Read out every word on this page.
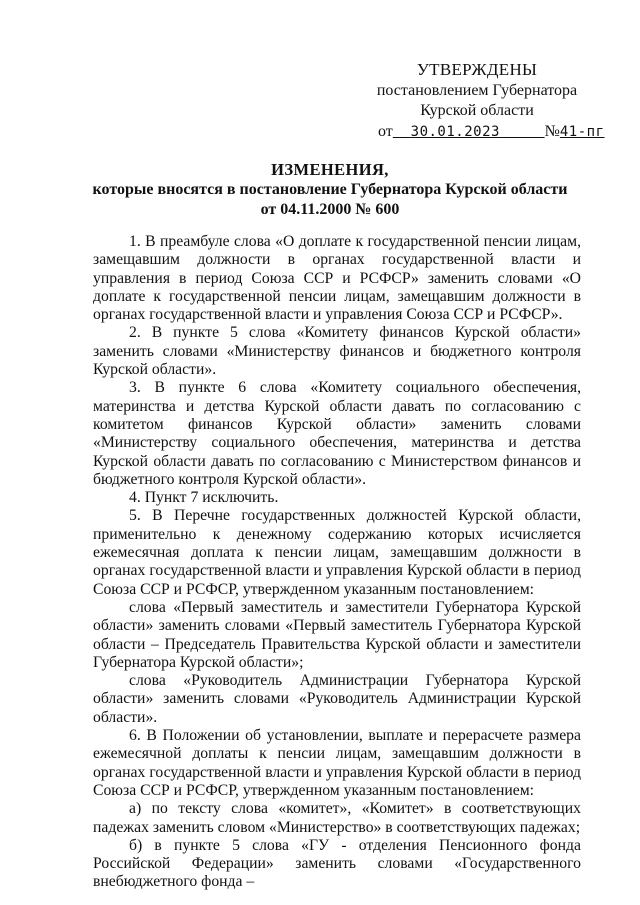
УТВЕРЖДЕНЫ
постановлением Губернатора
Курской области
от 30.01.2023	№41-пг
ИЗМЕНЕНИЯ,
которые вносятся в постановление Губернатора Курской области
от 04.11.2000 № 600

1. В преамбуле слова «О доплате к государственной пенсии лицам, замещавшим должности в органах государственной власти и управления в период Союза ССР и РСФСР» заменить словами «О доплате к государственной пенсии лицам, замещавшим должности в органах государственной власти и управления Союза ССР и РСФСР».

2. В пункте 5 слова «Комитету финансов Курской области» заменить словами «Министерству финансов и бюджетного контроля Курской области».

3. В пункте 6 слова «Комитету социального обеспечения, материнства и детства Курской области давать по согласованию с комитетом финансов Курской области» заменить словами «Министерству социального обеспечения, материнства и детства Курской области давать по согласованию с Министерством финансов и бюджетного контроля Курской области».

4. Пункт 7 исключить.

5. В Перечне государственных должностей Курской области, применительно к денежному содержанию которых исчисляется ежемесячная доплата к пенсии лицам, замещавшим должности в органах государственной власти и управления Курской области в период Союза ССР и РСФСР, утвержденном указанным постановлением:

слова «Первый заместитель и заместители Губернатора Курской области» заменить словами «Первый заместитель Губернатора Курской области – Председатель Правительства Курской области и заместители Губернатора Курской области»;

слова «Руководитель Администрации Губернатора Курской области» заменить словами «Руководитель Администрации Курской области».

6. В Положении об установлении, выплате и перерасчете размера ежемесячной доплаты к пенсии лицам, замещавшим должности в органах государственной власти и управления Курской области в период Союза ССР и РСФСР, утвержденном указанным постановлением:

а) по тексту слова «комитет», «Комитет» в соответствующих падежах заменить словом «Министерство» в соответствующих падежах;

б) в пункте 5 слова «ГУ - отделения Пенсионного фонда Российской Федерации» заменить словами «Государственного внебюджетного фонда –
